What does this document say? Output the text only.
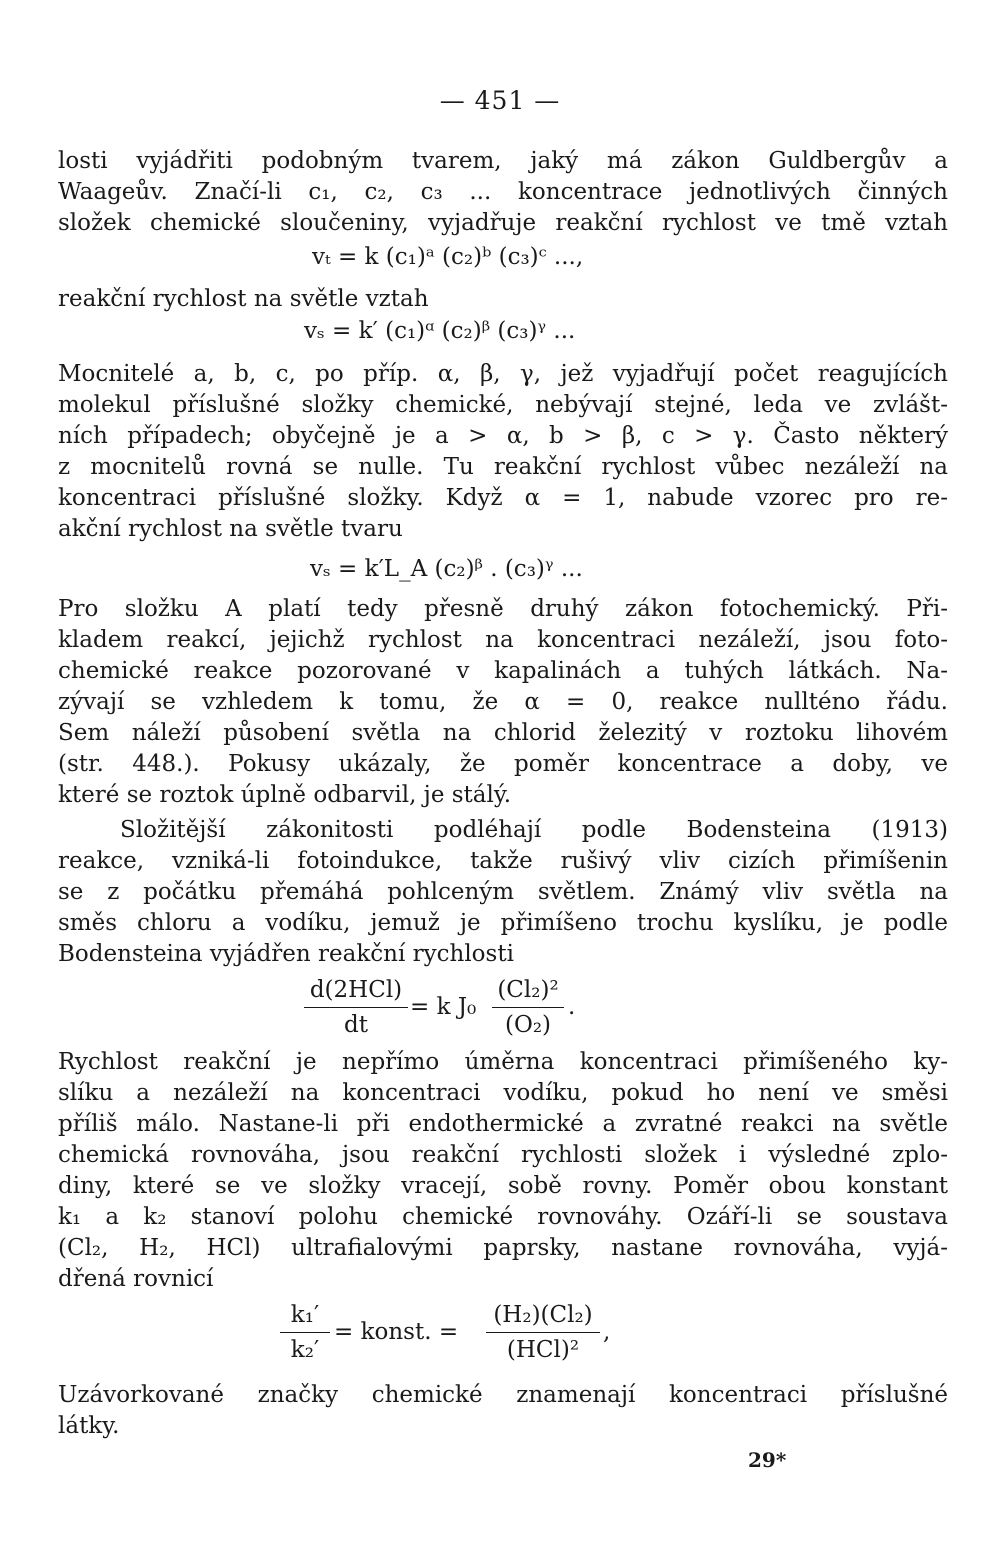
— 451 —
losti vyjádřiti podobným tvarem, jaký má zákon Guldbergův a
Waageův. Značí-li c₁, c₂, c₃ ... koncentrace jednotlivých činných
složek chemické sloučeniny, vyjadřuje reakční rychlost ve tmě vztah
vₜ = k (c₁)ᵃ (c₂)ᵇ (c₃)ᶜ ...,
reakční rychlost na světle vztah
vₛ = k′ (c₁)ᵅ (c₂)ᵝ (c₃)ᵞ ...
Mocnitelé a, b, c, po příp. α, β, γ, jež vyjadřují počet reagujících
molekul příslušné složky chemické, nebývají stejné, leda ve zvlášt-
ních případech; obyčejně je a > α, b > β, c > γ. Často některý
z mocnitelů rovná se nulle. Tu reakční rychlost vůbec nezáleží na
koncentraci příslušné složky. Když α = 1, nabude vzorec pro re-
akční rychlost na světle tvaru
vₛ = k′L_A (c₂)ᵝ . (c₃)ᵞ ...
Pro složku A platí tedy přesně druhý zákon fotochemický. Při-
kladem reakcí, jejichž rychlost na koncentraci nezáleží, jsou foto-
chemické reakce pozorované v kapalinách a tuhých látkách. Na-
zývají se vzhledem k tomu, že α = 0, reakce nullténo řádu.
Sem náleží působení světla na chlorid železitý v roztoku lihovém
(str. 448.). Pokusy ukázaly, že poměr koncentrace a doby, ve
které se roztok úplně odbarvil, je stálý.
Složitější zákonitosti podléhají podle Bodensteina (1913)
reakce, vzniká-li fotoindukce, takže rušivý vliv cizích přimíšenin
se z počátku přemáhá pohlceným světlem. Známý vliv světla na
směs chloru a vodíku, jemuž je přimíšeno trochu kyslíku, je podle
Bodensteina vyjádřen reakční rychlosti
d(2HCl)
dt
= k J₀
(Cl₂)²
(O₂)
.
Rychlost reakční je nepřímo úměrna koncentraci přimíšeného ky-
slíku a nezáleží na koncentraci vodíku, pokud ho není ve směsi
příliš málo. Nastane-li při endothermické a zvratné reakci na světle
chemická rovnováha, jsou reakční rychlosti složek i výsledné zplo-
diny, které se ve složky vracejí, sobě rovny. Poměr obou konstant
k₁ a k₂ stanoví polohu chemické rovnováhy. Ozáří-li se soustava
(Cl₂, H₂, HCl) ultrafialovými paprsky, nastane rovnováha, vyjá-
dřená rovnicí
k₁′
k₂′
= konst. =
(H₂)(Cl₂)
(HCl)²
,
Uzávorkované značky chemické znamenají koncentraci příslušné
látky.
29*
